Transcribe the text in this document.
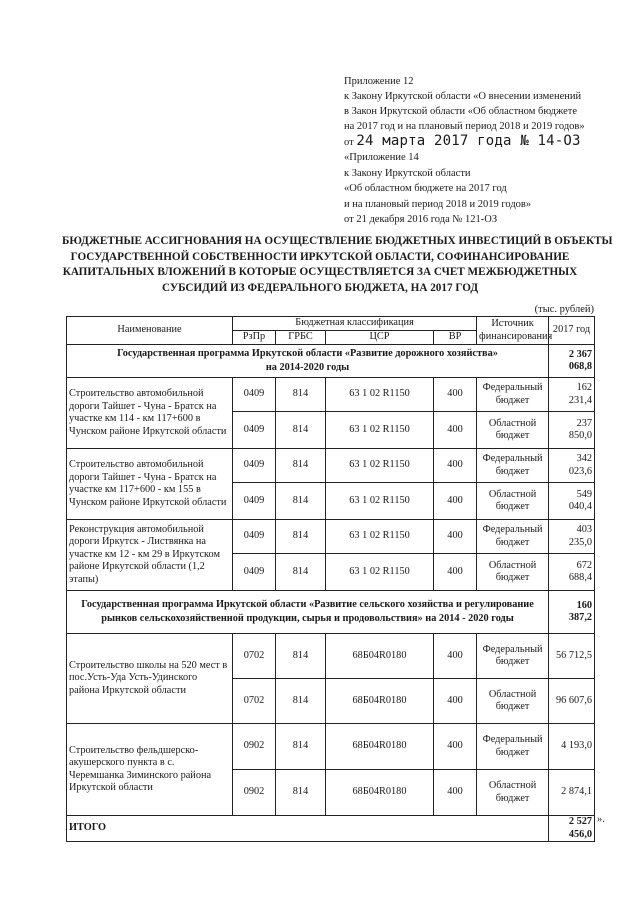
Приложение 12
к Закону Иркутской области «О внесении изменений
в Закон Иркутской области «Об областном бюджете
на 2017 год и на плановый период 2018 и 2019 годов»
от 24 марта 2017 года № 14-ОЗ
«Приложение 14
к Закону Иркутской области
«Об областном бюджете на 2017 год
и на плановый период 2018 и 2019 годов»
от 21 декабря 2016 года № 121-ОЗ
БЮДЖЕТНЫЕ АССИГНОВАНИЯ НА ОСУЩЕСТВЛЕНИЕ БЮДЖЕТНЫХ ИНВЕСТИЦИЙ В ОБЪЕКТЫ
ГОСУДАРСТВЕННОЙ СОБСТВЕННОСТИ ИРКУТСКОЙ ОБЛАСТИ, СОФИНАНСИРОВАНИЕ
КАПИТАЛЬНЫХ ВЛОЖЕНИЙ В КОТОРЫЕ ОСУЩЕСТВЛЯЕТСЯ ЗА СЧЕТ МЕЖБЮДЖЕТНЫХ
СУБСИДИЙ ИЗ ФЕДЕРАЛЬНОГО БЮДЖЕТА, НА 2017 ГОД
(тыс. рублей)
Наименование	Бюджетная классификация				Источник финансирования	2017 год
	РзПр	ГРБС	ЦСР	ВР		

Государственная программа Иркутской области «Развитие дорожного хозяйства»
на 2014-2020 годы						2 367 068,8
Строительство автомобильной дороги Тайшет - Чуна - Братск на участке км 114 - км 117+600 в Чунском районе Иркутской области	0409	814	63 1 02 R1150	400	Федеральный бюджет	162 231,4
	0409	814	63 1 02 R1150	400	Областной бюджет	237 850,0
Строительство автомобильной дороги Тайшет - Чуна - Братск на участке км 117+600 - км 155 в Чунском районе Иркутской области	0409	814	63 1 02 R1150	400	Федеральный бюджет	342 023,6
	0409	814	63 1 02 R1150	400	Областной бюджет	549 040,4
Реконструкция автомобильной дороги Иркутск - Листвянка на участке км 12 - км 29 в Иркутском районе Иркутской области (1,2 этапы)	0409	814	63 1 02 R1150	400	Федеральный бюджет	403 235,0
	0409	814	63 1 02 R1150	400	Областной бюджет	672 688,4

Государственная программа Иркутской области «Развитие сельского хозяйства и регулирование
рынков сельскохозяйственной продукции, сырья и продовольствия» на 2014 - 2020 годы						160 387,2
Строительство школы на 520 мест в пос.Усть-Уда Усть-Удинского района Иркутской области	0702	814	68Б04R0180	400	Федеральный бюджет	56 712,5
	0702	814	68Б04R0180	400	Областной бюджет	96 607,6
Строительство фельдшерско-акушерского пункта в с. Черемшанка Зиминского района Иркутской области	0902	814	68Б04R0180	400	Федеральный бюджет	4 193,0
	0902	814	68Б04R0180	400	Областной бюджет	2 874,1
ИТОГО						2 527 456,0
».
